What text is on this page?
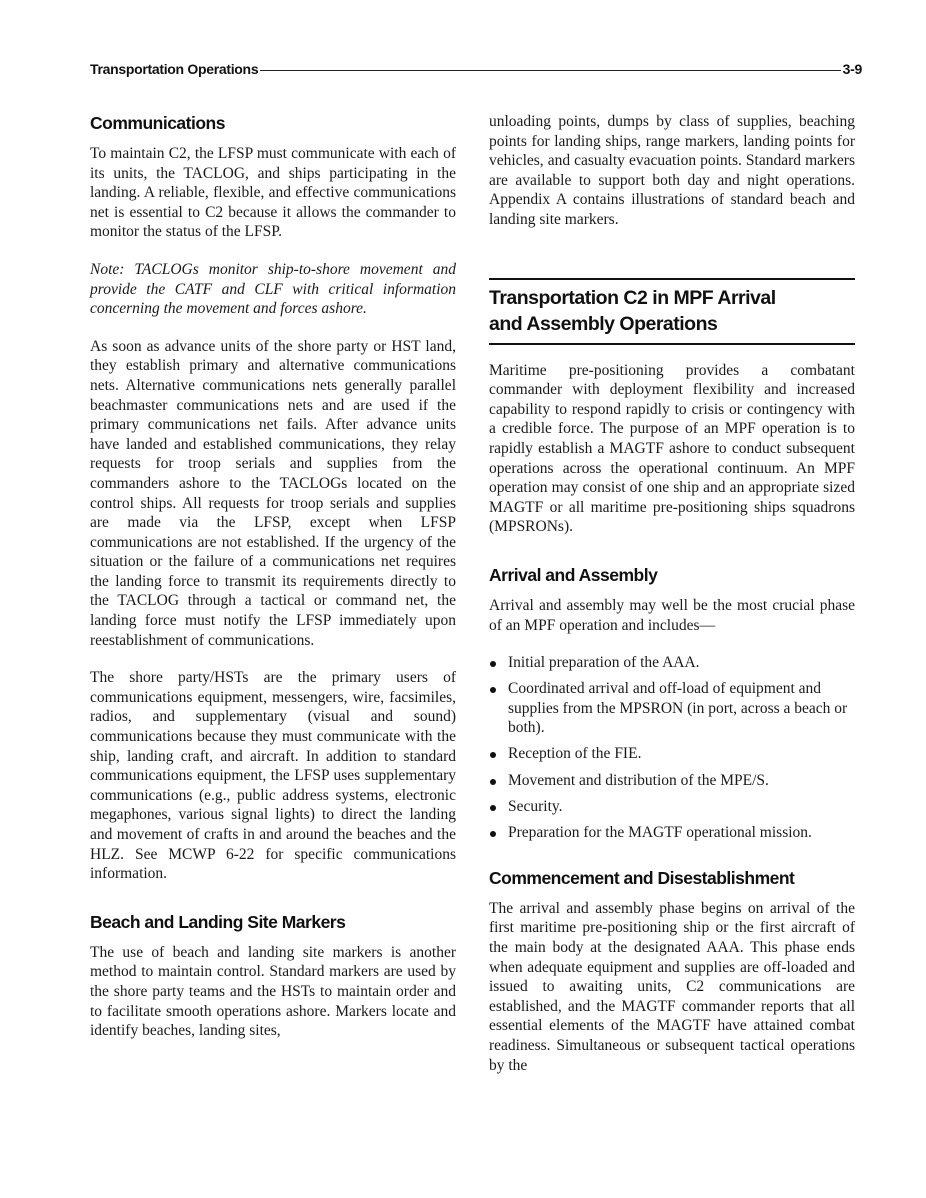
Transportation Operations	3-9
Communications

To maintain C2, the LFSP must communicate with each of its units, the TACLOG, and ships participating in the landing. A reliable, flexible, and effective communications net is essential to C2 because it allows the commander to monitor the status of the LFSP.

Note: TACLOGs monitor ship-to-shore movement and provide the CATF and CLF with critical information concerning the movement and forces ashore.

As soon as advance units of the shore party or HST land, they establish primary and alternative communications nets. Alternative communications nets generally parallel beachmaster communications nets and are used if the primary communications net fails. After advance units have landed and established communications, they relay requests for troop serials and supplies from the commanders ashore to the TACLOGs located on the control ships. All requests for troop serials and supplies are made via the LFSP, except when LFSP communications are not established. If the urgency of the situation or the failure of a communications net requires the landing force to transmit its requirements directly to the TACLOG through a tactical or command net, the landing force must notify the LFSP immediately upon reestablishment of communications.

The shore party/HSTs are the primary users of communications equipment, messengers, wire, facsimiles, radios, and supplementary (visual and sound) communications because they must communicate with the ship, landing craft, and aircraft. In addition to standard communications equipment, the LFSP uses supplementary communications (e.g., public address systems, electronic megaphones, various signal lights) to direct the landing and movement of crafts in and around the beaches and the HLZ. See MCWP 6-22 for specific communications information.

Beach and Landing Site Markers

The use of beach and landing site markers is another method to maintain control. Standard markers are used by the shore party teams and the HSTs to maintain order and to facilitate smooth operations ashore. Markers locate and identify beaches, landing sites,

unloading points, dumps by class of supplies, beaching points for landing ships, range markers, landing points for vehicles, and casualty evacuation points. Standard markers are available to support both day and night operations. Appendix A contains illustrations of standard beach and landing site markers.

Transportation C2 in MPF Arrival
and Assembly Operations

Maritime pre-positioning provides a combatant commander with deployment flexibility and increased capability to respond rapidly to crisis or contingency with a credible force. The purpose of an MPF operation is to rapidly establish a MAGTF ashore to conduct subsequent operations across the operational continuum. An MPF operation may consist of one ship and an appropriate sized MAGTF or all maritime pre-positioning ships squadrons (MPSRONs).

Arrival and Assembly

Arrival and assembly may well be the most crucial phase of an MPF operation and includes—

Initial preparation of the AAA.
Coordinated arrival and off-load of equipment and supplies from the MPSRON (in port, across a beach or both).
Reception of the FIE.
Movement and distribution of the MPE/S.
Security.
Preparation for the MAGTF operational mission.
Commencement and Disestablishment

The arrival and assembly phase begins on arrival of the first maritime pre-positioning ship or the first aircraft of the main body at the designated AAA. This phase ends when adequate equipment and supplies are off-loaded and issued to awaiting units, C2 communications are established, and the MAGTF commander reports that all essential elements of the MAGTF have attained combat readiness. Simultaneous or subsequent tactical operations by the
